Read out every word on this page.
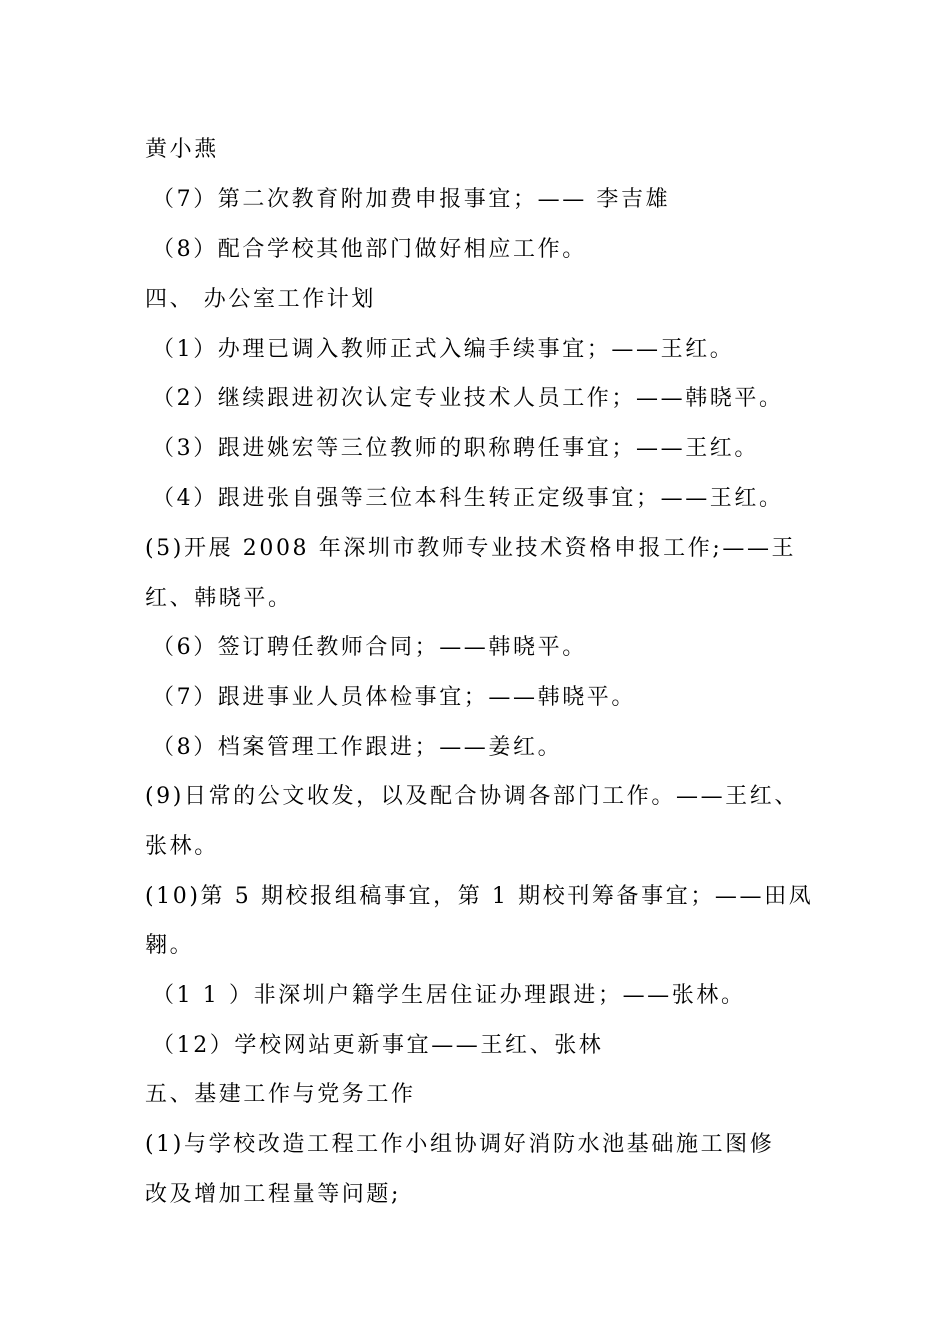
黄小燕
（7）第二次教育附加费申报事宜；—— 李吉雄
（8）配合学校其他部门做好相应工作。
四、 办公室工作计划
（1）办理已调入教师正式入编手续事宜；——王红。
（2）继续跟进初次认定专业技术人员工作；——韩晓平。
（3）跟进姚宏等三位教师的职称聘任事宜；——王红。
（4）跟进张自强等三位本科生转正定级事宜；——王红。
(5)开展 2008 年深圳市教师专业技术资格申报工作;——王
红、韩晓平。
（6）签订聘任教师合同；——韩晓平。
（7）跟进事业人员体检事宜；——韩晓平。
（8）档案管理工作跟进；——姜红。
(9)日常的公文收发，以及配合协调各部门工作。——王红、
张林。
(10)第 5 期校报组稿事宜，第 1 期校刊筹备事宜；——田凤
翱。
（1 1 ）非深圳户籍学生居住证办理跟进；——张林。
（12）学校网站更新事宜——王红、张林
五、基建工作与党务工作
(1)与学校改造工程工作小组协调好消防水池基础施工图修
改及增加工程量等问题;
